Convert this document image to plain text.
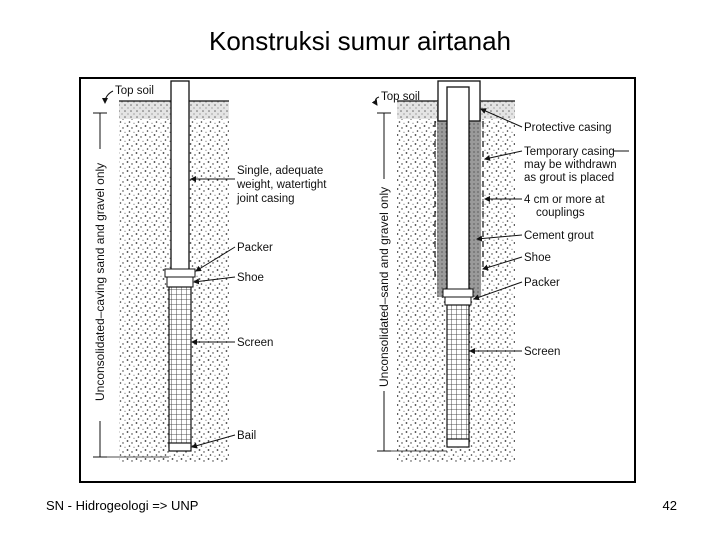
Konstruksi sumur airtanah
Unconsolidated–caving sand and gravel only
Top soil
Single, adequate
weight, watertight
joint casing
Packer
Shoe
Screen
Bail
Unconsolidated–sand and gravel only
Top soil
Protective casing
Temporary casing
may be withdrawn
as grout is placed
4 cm or more at
couplings
Cement grout
Shoe
Packer
Screen
SN - Hidrogeologi => UNP	42
